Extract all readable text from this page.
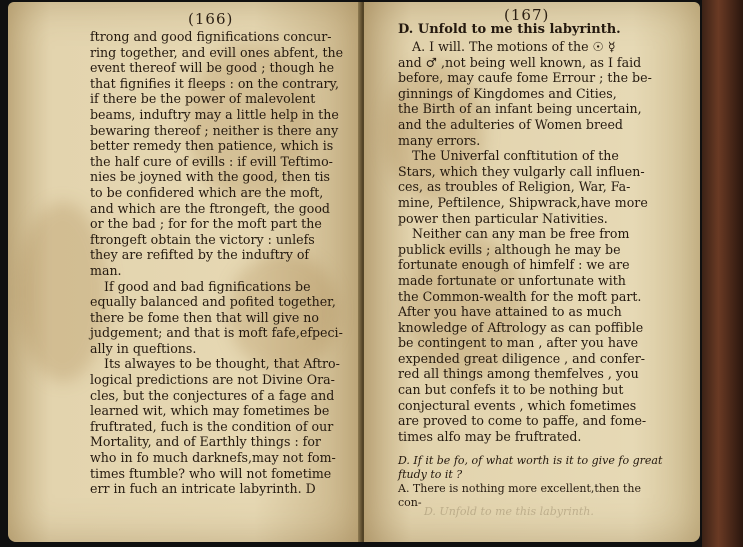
(166)
ftrong and good fignifications concur-
ring together, and evill ones abfent, the
event thereof will be good ; though he
that fignifies it fleeps : on the contrary,
if there be the power of malevolent
beams, induftry may a little help in the
bewaring thereof ; neither is there any
better remedy then patience, which is
the half cure of evills : if evill Teftimo-
nies be joyned with the good, then tis
to be confidered which are the moft,
and which are the ftrongeft, the good
or the bad ; for for the moft part the
ftrongeft obtain the victory : unlefs
they are refifted by the induftry of
man.
If good and bad fignifications be
equally balanced and pofited together,
there be fome then that will give no
judgement; and that is moft fafe,efpeci-
ally in queftions.
Its alwayes to be thought, that Aftro-
logical predictions are not Divine Ora-
cles, but the conjectures of a fage and
learned wit, which may fometimes be
fruftrated, fuch is the condition of our
Mortality, and of Earthly things : for
who in fo much darknefs,may not fom-
times ftumble? who will not fometime
err in fuch an intricate labyrinth. D
D. Unfold to me this labyrinth.
(167)
D. Unfold to me this labyrinth.
A. I will. The motions of the ☉ ☿
and ♂ ,not being well known, as I faid
before, may caufe fome Errour ; the be-
ginnings of Kingdomes and Cities,
the Birth of an infant being uncertain,
and the adulteries of Women breed
many errors.
The Univerfal conftitution of the
Stars, which they vulgarly call influen-
ces, as troubles of Religion, War, Fa-
mine, Peftilence, Shipwrack,have more
power then particular Nativities.
Neither can any man be free from
publick evills ; although he may be
fortunate enough of himfelf : we are
made fortunate or unfortunate with
the Common-wealth for the moft part.
After you have attained to as much
knowledge of Aftrology as can poffible
be contingent to man , after you have
expended great diligence , and confer-
red all things among themfelves , you
can but confefs it to be nothing but
conjectural events , which fometimes
are proved to come to paffe, and fome-
times alfo may be fruftrated.
D. If it be fo, of what worth is it to give fo great
ftudy to it ?
A. There is nothing more excellent,then the
con-
